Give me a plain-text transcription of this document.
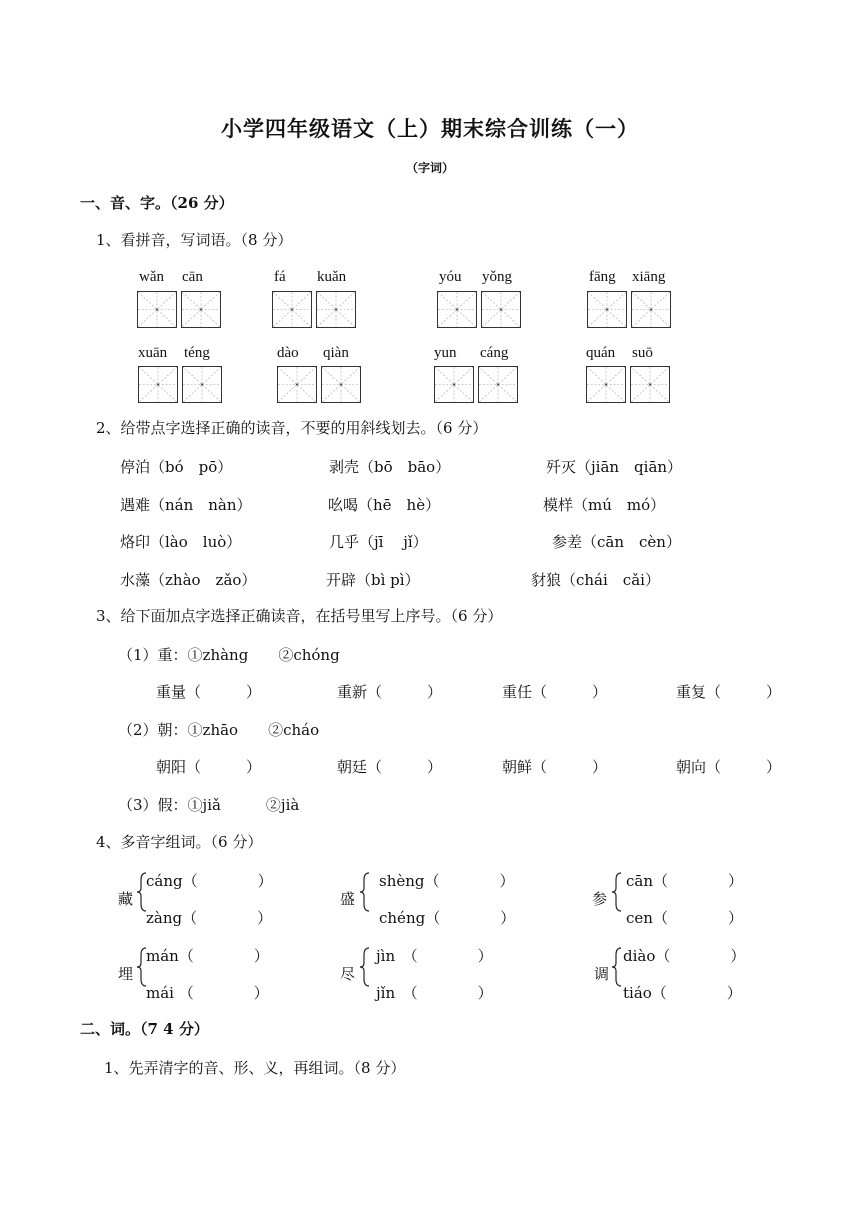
小学四年级语文（上）期末综合训练（一）
（字词）
一、音、字。（26 分）
1、看拼音，写词语。（8 分）
wǎn cān	fá kuǎn	yóu yǒng	fāng xiāng
xuān téng	dào qiàn	yun cáng	quán suō
2、给带点字选择正确的读音，不要的用斜线划去。（6 分）
停泊（bó　pō）	剥壳（bō　bāo）	歼灭（jiān　qiān）
遇难（nán　nàn）	吆喝（hē　hè）	模样（mú　mó）
烙印（lào　luò）	几乎（jī　 jǐ）	参差（cān　cèn）
水藻（zhào　zǎo）	开辟（bì pì）	豺狼（chái　cǎi）
3、给下面加点字选择正确读音，在括号里写上序号。（6 分）
（1）重：①zhàng　　②chóng
重量（　　　）	重新（　　　）	重任（　　　）	重复（　　　）
（2）朝：①zhāo　　②cháo
朝阳（　　　）	朝廷（　　　）	朝鲜（　　　）	朝向（　　　）
（3）假：①jiǎ　　　②jià
4、多音字组词。（6 分）
藏
cáng（　　　　）
zàng（　　　　）
盛
shèng（　　　　）
chéng（　　　　）
参
cān（　　　　）
cen（　　　　）
埋
mán（　　　　）
mái （　　　　）
尽
jìn　（　　　　）
jǐn　（　　　　）
调
diào（　　　　）
tiáo（　　　　）
二、词。（7 4 分）
1、先弄清字的音、形、义，再组词。（8 分）
